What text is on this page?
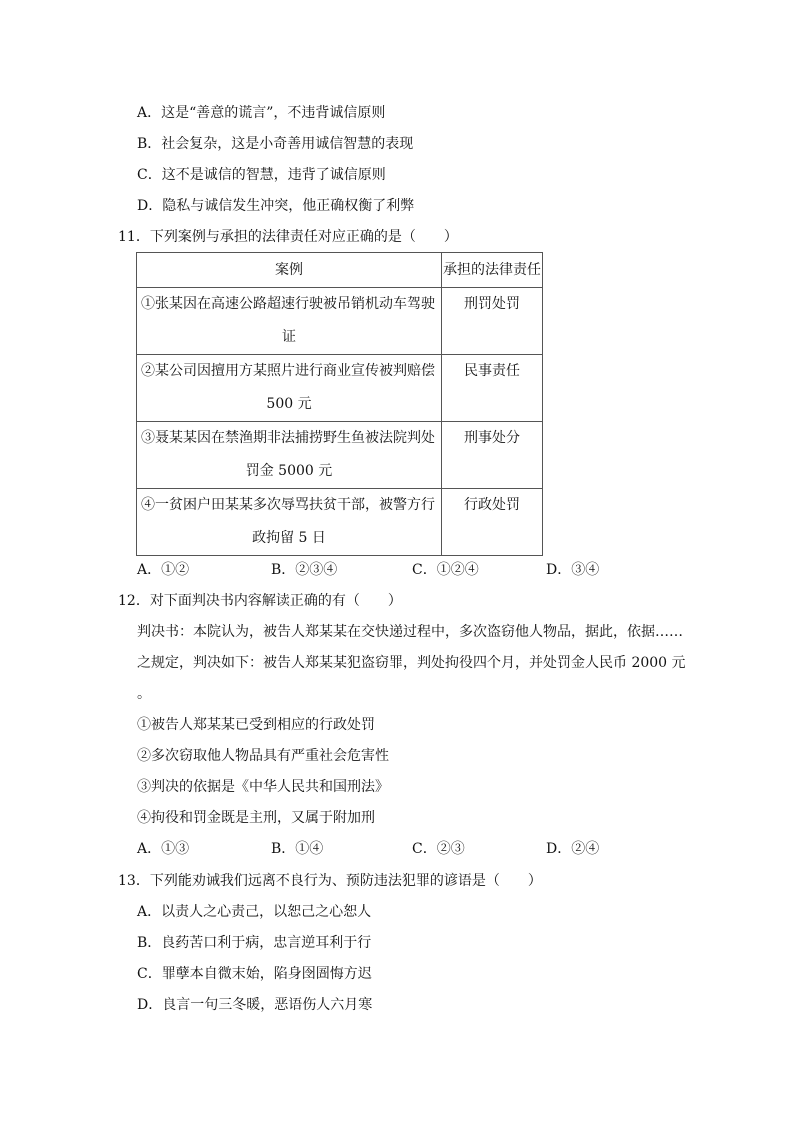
A．这是“善意的谎言”，不违背诚信原则
B．社会复杂，这是小奇善用诚信智慧的表现
C．这不是诚信的智慧，违背了诚信原则
D．隐私与诚信发生冲突，他正确权衡了利弊
11．下列案例与承担的法律责任对应正确的是（　　）
案例	承担的法律责任

①张某因在高速公路超速行驶被吊销机动车驾驶
证	刑罚处罚

②某公司因擅用方某照片进行商业宣传被判赔偿
500 元	民事责任

③聂某某因在禁渔期非法捕捞野生鱼被法院判处
罚金 5000 元	刑事处分

④一贫困户田某某多次辱骂扶贫干部，被警方行
政拘留 5 日	行政处罚
A．①②	B．②③④	C．①②④	D．③④
12．对下面判决书内容解读正确的有（　　）
判决书：本院认为，被告人郑某某在交快递过程中，多次盗窃他人物品，据此，依据……
之规定，判决如下：被告人郑某某犯盗窃罪，判处拘役四个月，并处罚金人民币 2000 元
。
①被告人郑某某已受到相应的行政处罚
②多次窃取他人物品具有严重社会危害性
③判决的依据是《中华人民共和国刑法》
④拘役和罚金既是主刑，又属于附加刑
A．①③	B．①④	C．②③	D．②④
13．下列能劝诫我们远离不良行为、预防违法犯罪的谚语是（　　）
A．以责人之心责己，以恕己之心恕人
B．良药苦口利于病，忠言逆耳利于行
C．罪孽本自微末始，陷身囹圄悔方迟
D．良言一句三冬暖，恶语伤人六月寒
